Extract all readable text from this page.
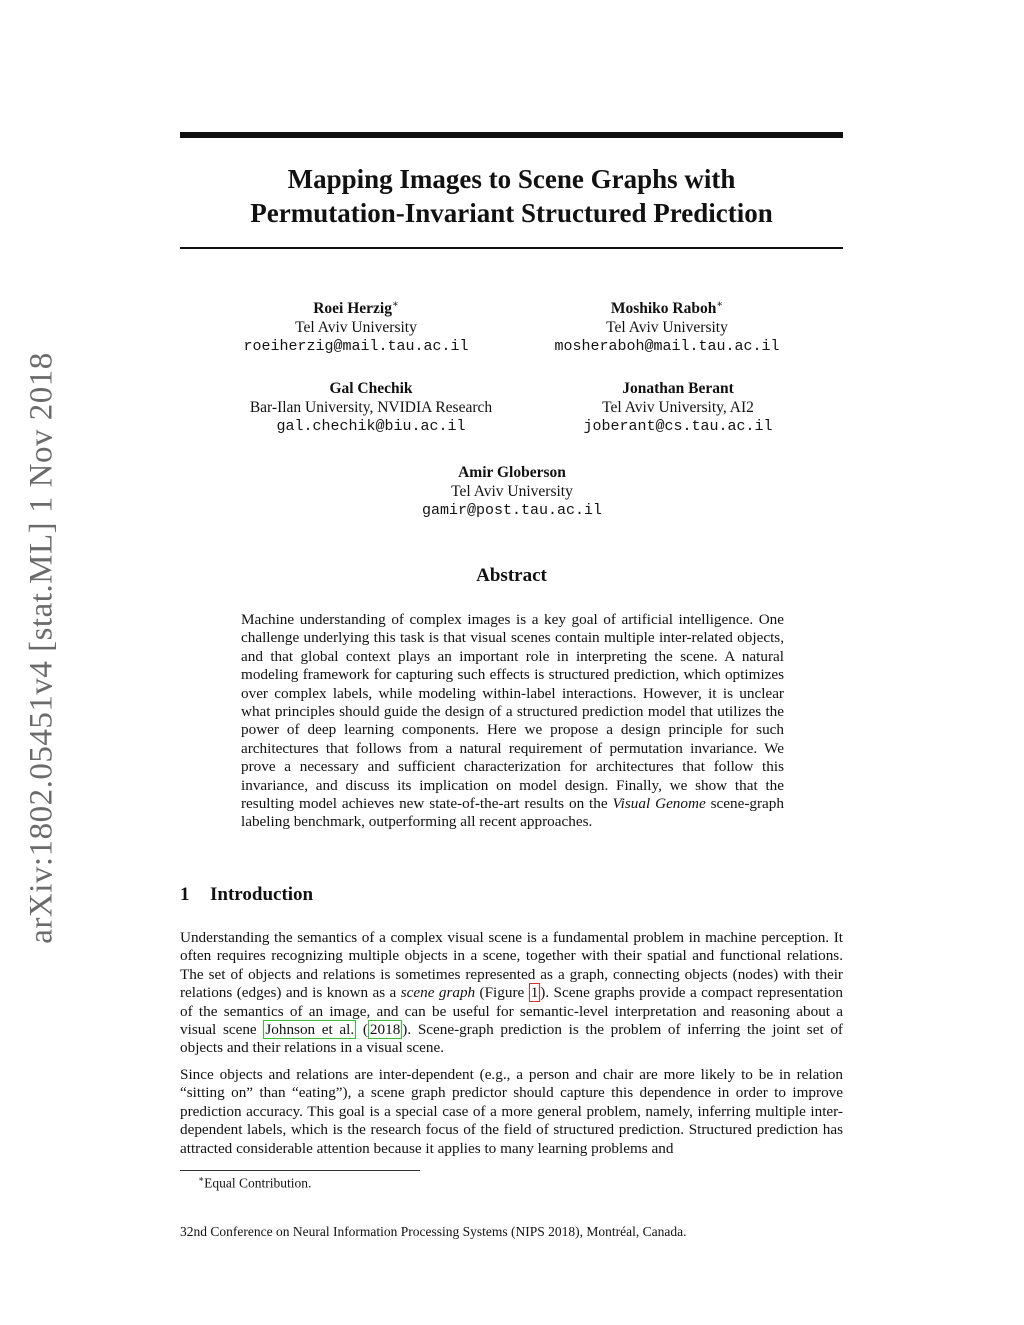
arXiv:1802.05451v4 [stat.ML] 1 Nov 2018
Mapping Images to Scene Graphs with
Permutation-Invariant Structured Prediction
Roei Herzig∗
Tel Aviv University
roeiherzig@mail.tau.ac.il
Moshiko Raboh∗
Tel Aviv University
mosheraboh@mail.tau.ac.il
Gal Chechik
Bar-Ilan University, NVIDIA Research
gal.chechik@biu.ac.il
Jonathan Berant
Tel Aviv University, AI2
joberant@cs.tau.ac.il
Amir Globerson
Tel Aviv University
gamir@post.tau.ac.il
Abstract
Machine understanding of complex images is a key goal of artificial intelligence. One challenge underlying this task is that visual scenes contain multiple inter-related objects, and that global context plays an important role in interpreting the scene. A natural modeling framework for capturing such effects is structured prediction, which optimizes over complex labels, while modeling within-label interactions. However, it is unclear what principles should guide the design of a structured prediction model that utilizes the power of deep learning components. Here we propose a design principle for such architectures that follows from a natural requirement of permutation invariance. We prove a necessary and sufficient characterization for architectures that follow this invariance, and discuss its implication on model design. Finally, we show that the resulting model achieves new state-of-the-art results on the Visual Genome scene-graph labeling benchmark, outperforming all recent approaches.
1 Introduction
Understanding the semantics of a complex visual scene is a fundamental problem in machine perception. It often requires recognizing multiple objects in a scene, together with their spatial and functional relations. The set of objects and relations is sometimes represented as a graph, connecting objects (nodes) with their relations (edges) and is known as a scene graph (Figure 1 ). Scene graphs provide a compact representation of the semantics of an image, and can be useful for semantic-level interpretation and reasoning about a visual scene Johnson et al. ( 2018 ). Scene-graph prediction is the problem of inferring the joint set of objects and their relations in a visual scene.
Since objects and relations are inter-dependent (e.g., a person and chair are more likely to be in relation “sitting on” than “eating”), a scene graph predictor should capture this dependence in order to improve prediction accuracy. This goal is a special case of a more general problem, namely, inferring multiple inter-dependent labels, which is the research focus of the field of structured prediction. Structured prediction has attracted considerable attention because it applies to many learning problems and
∗Equal Contribution.
32nd Conference on Neural Information Processing Systems (NIPS 2018), Montréal, Canada.
